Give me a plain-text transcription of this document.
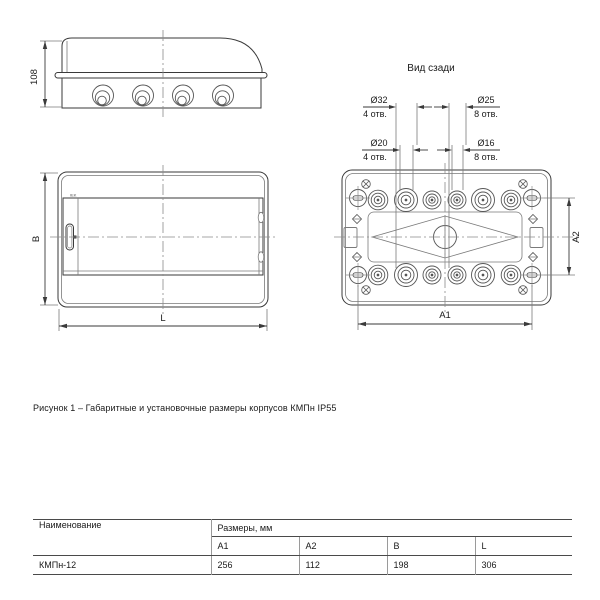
108
IEK
B
L
Вид сзади
Ø32
4 отв.
Ø25
8 отв.
Ø20
4 отв.
Ø16
8 отв.
A1
A2
Рисунок 1 – Габаритные и установочные размеры корпусов КМПн IP55
Наименование	Размеры, мм			
	A1	A2	B	L
КМПн-12	256	112	198	306
